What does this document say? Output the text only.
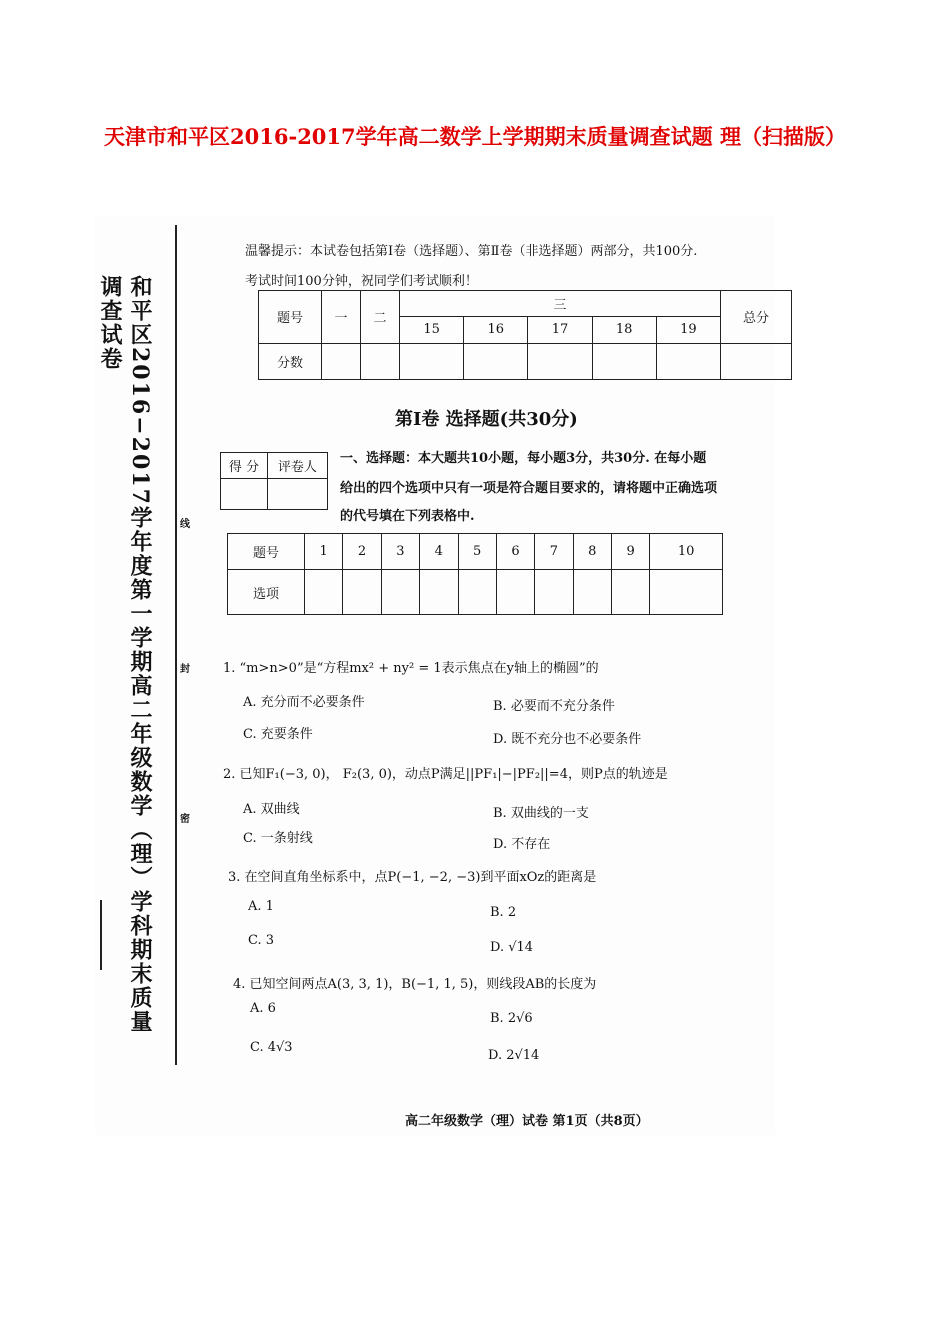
天津市和平区2016-2017学年高二数学上学期期末质量调查试题 理（扫描版）
和平区2016−2017学年度第一学期高二年级数学（理）学科期末质量调查试卷
线
封
密
温馨提示：本试卷包括第Ⅰ卷（选择题）、第Ⅱ卷（非选择题）两部分，共100分.
考试时间100分钟，祝同学们考试顺利！
题号	一	二	三					总分
			15	16	17	18	19	
分数								
第Ⅰ卷 选择题(共30分)
得 分	评卷人

一、选择题：本大题共10小题，每小题3分，共30分. 在每小题
给出的四个选项中只有一项是符合题目要求的，请将题中正确选项
的代号填在下列表格中.
题号	1	2	3	4	5	6	7	8	9	10
选项										
1. “m>n>0”是“方程mx² + ny² = 1表示焦点在y轴上的椭圆”的
A. 充分而不必要条件	B. 必要而不充分条件
C. 充要条件	D. 既不充分也不必要条件
2. 已知F₁(−3, 0)， F₂(3, 0)，动点P满足||PF₁|−|PF₂||=4，则P点的轨迹是
A. 双曲线	B. 双曲线的一支
C. 一条射线	D. 不存在
3. 在空间直角坐标系中，点P(−1, −2, −3)到平面xOz的距离是
A. 1	B. 2
C. 3	D. √14
4. 已知空间两点A(3, 3, 1)，B(−1, 1, 5)，则线段AB的长度为
A. 6
B. 2√6
C. 4√3
D. 2√14
高二年级数学（理）试卷 第1页（共8页）
